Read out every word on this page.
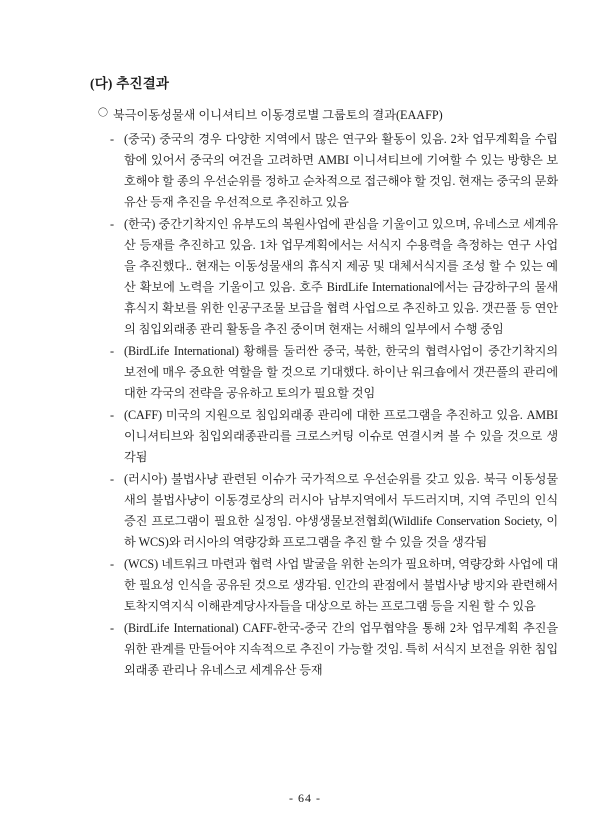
(다) 추진결과
〇 북극이동성물새 이니셔티브 이동경로별 그룹토의 결과(EAAFP)
- (중국) 중국의 경우 다양한 지역에서 많은 연구와 활동이 있음. 2차 업무계획을 수립함에 있어서 중국의 여건을 고려하면 AMBI 이니셔티브에 기여할 수 있는 방향은 보호해야 할 종의 우선순위를 정하고 순차적으로 접근해야 할 것임. 현재는 중국의 문화유산 등재 추진을 우선적으로 추진하고 있음
- (한국) 중간기착지인 유부도의 복원사업에 관심을 기울이고 있으며, 유네스코 세계유산 등재를 추진하고 있음. 1차 업무계획에서는 서식지 수용력을 측정하는 연구 사업을 추진했다.. 현재는 이동성물새의 휴식지 제공 및 대체서식지를 조성 할 수 있는 예산 확보에 노력을 기울이고 있음. 호주 BirdLife International에서는 금강하구의 물새 휴식지 확보를 위한 인공구조물 보급을 협력 사업으로 추진하고 있음. 갯끈풀 등 연안의 침입외래종 관리 활동을 추진 중이며 현재는 서해의 일부에서 수행 중임
- (BirdLife International) 황해를 둘러싼 중국, 북한, 한국의 협력사업이 중간기착지의 보전에 매우 중요한 역할을 할 것으로 기대했다. 하이난 워크숍에서 갯끈풀의 관리에 대한 각국의 전략을 공유하고 토의가 필요할 것임
- (CAFF) 미국의 지원으로 침입외래종 관리에 대한 프로그램을 추진하고 있음. AMBI 이니셔티브와 침입외래종관리를 크로스커팅 이슈로 연결시켜 볼 수 있을 것으로 생각됨
- (러시아) 불법사냥 관련된 이슈가 국가적으로 우선순위를 갖고 있음. 북극 이동성물새의 불법사냥이 이동경로상의 러시아 남부지역에서 두드러지며, 지역 주민의 인식증진 프로그램이 필요한 실정임. 야생생물보전협회(Wildlife Conservation Society, 이하 WCS)와 러시아의 역량강화 프로그램을 추진 할 수 있을 것을 생각됨
- (WCS) 네트워크 마련과 협력 사업 발굴을 위한 논의가 필요하며, 역량강화 사업에 대한 필요성 인식을 공유된 것으로 생각됨. 인간의 관점에서 불법사냥 방지와 관련해서 토착지역지식 이해관계당사자들을 대상으로 하는 프로그램 등을 지원 할 수 있음
- (BirdLife International) CAFF-한국-중국 간의 업무협약을 통해 2차 업무계획 추진을 위한 관계를 만들어야 지속적으로 추진이 가능할 것임. 특히 서식지 보전을 위한 침입외래종 관리나 유네스코 세계유산 등재
- 64 -
